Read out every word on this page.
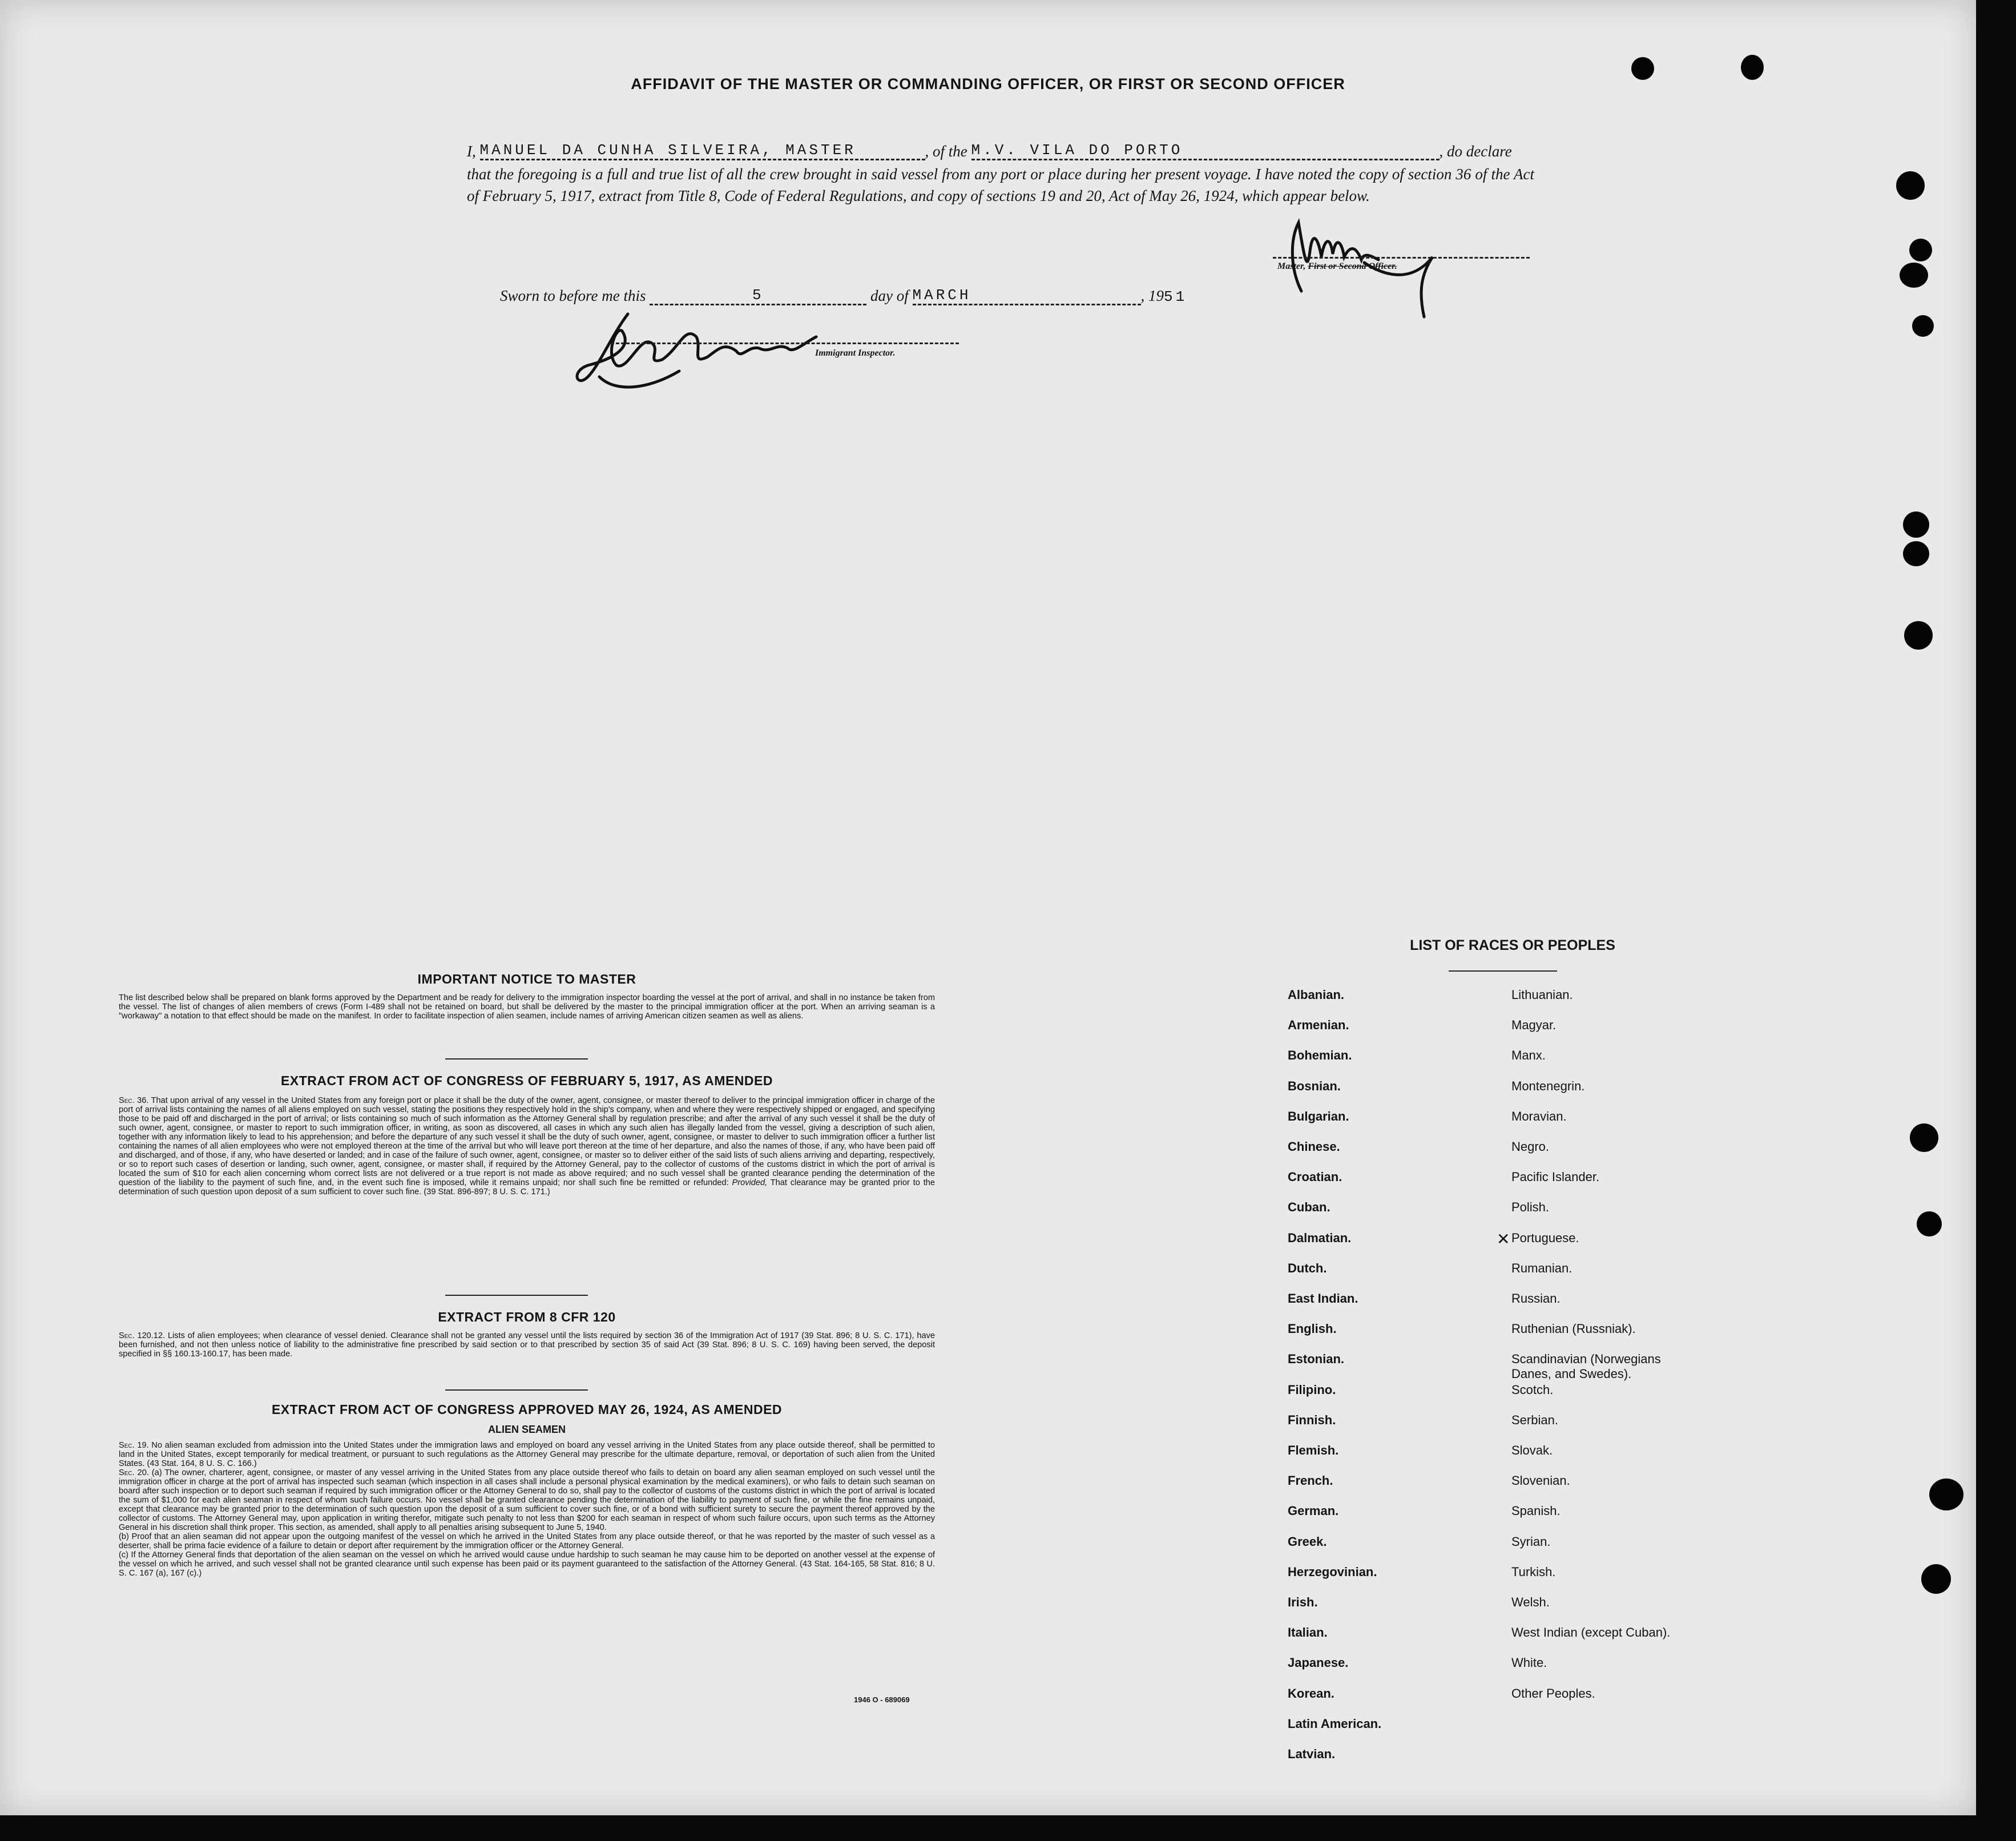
AFFIDAVIT OF THE MASTER OR COMMANDING OFFICER, OR FIRST OR SECOND OFFICER
I, MANUEL DA CUNHA SILVEIRA, MASTER	, of the M.V. VILA DO PORTO	, do declare
that the foregoing is a full and true list of all the crew brought in said vessel from any port or place during her present voyage. I have noted the copy of section 36 of the Act of February 5, 1917, extract from Title 8, Code of Federal Regulations, and copy of sections 19 and 20, Act of May 26, 1924, which appear below.
Master, First or Second Officer.
Sworn to before me this	5	day of MARCH	, 1951
Immigrant Inspector.
IMPORTANT NOTICE TO MASTER
The list described below shall be prepared on blank forms approved by the Department and be ready for delivery to the immigration inspector boarding the vessel at the port of arrival, and shall in no instance be taken from the vessel. The list of changes of alien members of crews (Form I-489 shall not be retained on board, but shall be delivered by the master to the principal immigration officer at the port. When an arriving seaman is a "workaway" a notation to that effect should be made on the manifest. In order to facilitate inspection of alien seamen, include names of arriving American citizen seamen as well as aliens.
EXTRACT FROM ACT OF CONGRESS OF FEBRUARY 5, 1917, AS AMENDED
Sec. 36. That upon arrival of any vessel in the United States from any foreign port or place it shall be the duty of the owner, agent, consignee, or master thereof to deliver to the principal immigration officer in charge of the port of arrival lists containing the names of all aliens employed on such vessel, stating the positions they respectively hold in the ship's company, when and where they were respectively shipped or engaged, and specifying those to be paid off and discharged in the port of arrival; or lists containing so much of such information as the Attorney General shall by regulation prescribe; and after the arrival of any such vessel it shall be the duty of such owner, agent, consignee, or master to report to such immigration officer, in writing, as soon as discovered, all cases in which any such alien has illegally landed from the vessel, giving a description of such alien, together with any information likely to lead to his apprehension; and before the departure of any such vessel it shall be the duty of such owner, agent, consignee, or master to deliver to such immigration officer a further list containing the names of all alien employees who were not employed thereon at the time of the arrival but who will leave port thereon at the time of her departure, and also the names of those, if any, who have been paid off and discharged, and of those, if any, who have deserted or landed; and in case of the failure of such owner, agent, consignee, or master so to deliver either of the said lists of such aliens arriving and departing, respectively, or so to report such cases of desertion or landing, such owner, agent, consignee, or master shall, if required by the Attorney General, pay to the collector of customs of the customs district in which the port of arrival is located the sum of $10 for each alien concerning whom correct lists are not delivered or a true report is not made as above required; and no such vessel shall be granted clearance pending the determination of the question of the liability to the payment of such fine, and, in the event such fine is imposed, while it remains unpaid; nor shall such fine be remitted or refunded: Provided, That clearance may be granted prior to the determination of such question upon deposit of a sum sufficient to cover such fine. (39 Stat. 896-897; 8 U. S. C. 171.)
EXTRACT FROM 8 CFR 120
Sec. 120.12. Lists of alien employees; when clearance of vessel denied. Clearance shall not be granted any vessel until the lists required by section 36 of the Immigration Act of 1917 (39 Stat. 896; 8 U. S. C. 171), have been furnished, and not then unless notice of liability to the administrative fine prescribed by said section or to that prescribed by section 35 of said Act (39 Stat. 896; 8 U. S. C. 169) having been served, the deposit specified in §§ 160.13-160.17, has been made.
EXTRACT FROM ACT OF CONGRESS APPROVED MAY 26, 1924, AS AMENDED
ALIEN SEAMEN
Sec. 19. No alien seaman excluded from admission into the United States under the immigration laws and employed on board any vessel arriving in the United States from any place outside thereof, shall be permitted to land in the United States, except temporarily for medical treatment, or pursuant to such regulations as the Attorney General may prescribe for the ultimate departure, removal, or deportation of such alien from the United States. (43 Stat. 164, 8 U. S. C. 166.)
Sec. 20. (a) The owner, charterer, agent, consignee, or master of any vessel arriving in the United States from any place outside thereof who fails to detain on board any alien seaman employed on such vessel until the immigration officer in charge at the port of arrival has inspected such seaman (which inspection in all cases shall include a personal physical examination by the medical examiners), or who fails to detain such seaman on board after such inspection or to deport such seaman if required by such immigration officer or the Attorney General to do so, shall pay to the collector of customs of the customs district in which the port of arrival is located the sum of $1,000 for each alien seaman in respect of whom such failure occurs. No vessel shall be granted clearance pending the determination of the liability to payment of such fine, or while the fine remains unpaid, except that clearance may be granted prior to the determination of such question upon the deposit of a sum sufficient to cover such fine, or of a bond with sufficient surety to secure the payment thereof approved by the collector of customs. The Attorney General may, upon application in writing therefor, mitigate such penalty to not less than $200 for each seaman in respect of whom such failure occurs, upon such terms as the Attorney General in his discretion shall think proper. This section, as amended, shall apply to all penalties arising subsequent to June 5, 1940.
(b) Proof that an alien seaman did not appear upon the outgoing manifest of the vessel on which he arrived in the United States from any place outside thereof, or that he was reported by the master of such vessel as a deserter, shall be prima facie evidence of a failure to detain or deport after requirement by the immigration officer or the Attorney General.
(c) If the Attorney General finds that deportation of the alien seaman on the vessel on which he arrived would cause undue hardship to such seaman he may cause him to be deported on another vessel at the expense of the vessel on which he arrived, and such vessel shall not be granted clearance until such expense has been paid or its payment guaranteed to the satisfaction of the Attorney General. (43 Stat. 164-165, 58 Stat. 816; 8 U. S. C. 167 (a), 167 (c).)
1946 O - 689069
LIST OF RACES OR PEOPLES
Albanian.
Armenian.
Bohemian.
Bosnian.
Bulgarian.
Chinese.
Croatian.
Cuban.
Dalmatian.
Dutch.
East Indian.
English.
Estonian.
Filipino.
Finnish.
Flemish.
French.
German.
Greek.
Herzegovinian.
Irish.
Italian.
Japanese.
Korean.
Latin American.
Latvian.
Lithuanian.
Magyar.
Manx.
Montenegrin.
Moravian.
Negro.
Pacific Islander.
Polish.
Portuguese.
✕
Rumanian.
Russian.
Ruthenian (Russniak).
Scandinavian (Norwegians
Danes, and Swedes).
Scotch.
Serbian.
Slovak.
Slovenian.
Spanish.
Syrian.
Turkish.
Welsh.
West Indian (except Cuban).
White.
Other Peoples.
